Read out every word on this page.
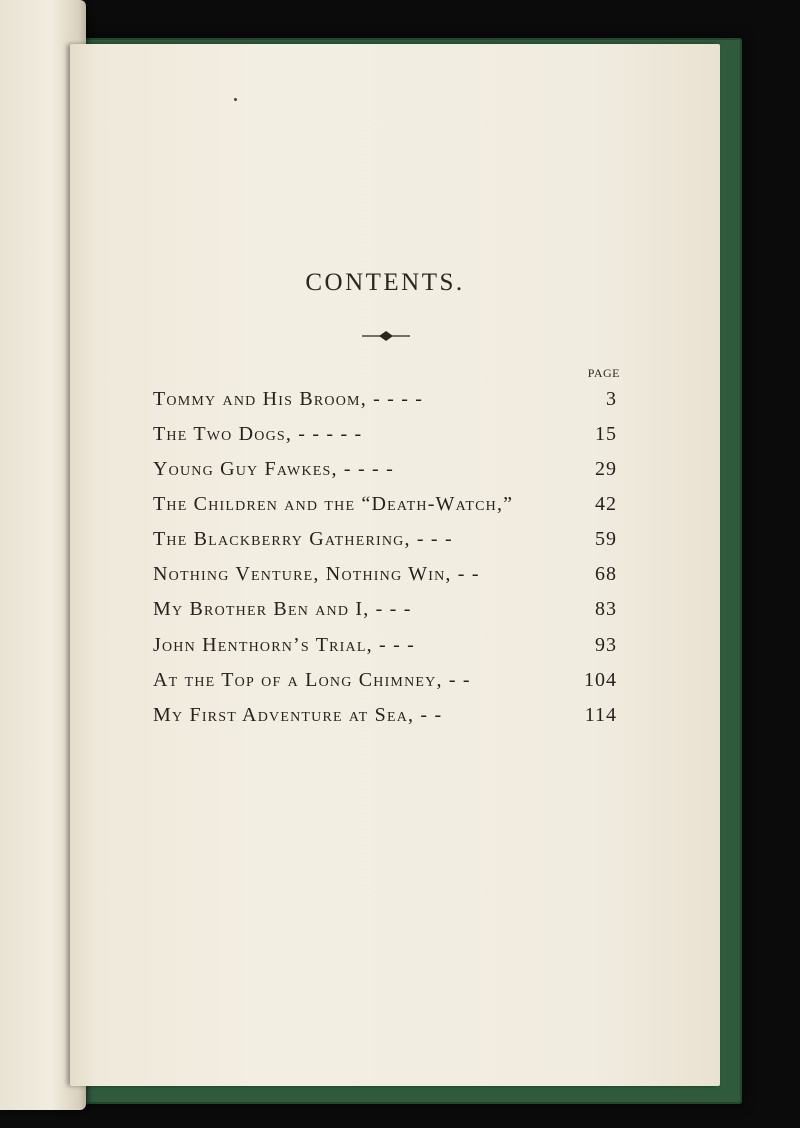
CONTENTS.
PAGE
Tommy and His Broom, - - - -	3
The Two Dogs, - - - - -	15
Young Guy Fawkes, - - - -	29
The Children and the “Death-Watch,”	42
The Blackberry Gathering, - - -	59
Nothing Venture, Nothing Win, - -	68
My Brother Ben and I, - - -	83
John Henthorn’s Trial, - - -	93
At the Top of a Long Chimney, - -	104
My First Adventure at Sea, - -	114
